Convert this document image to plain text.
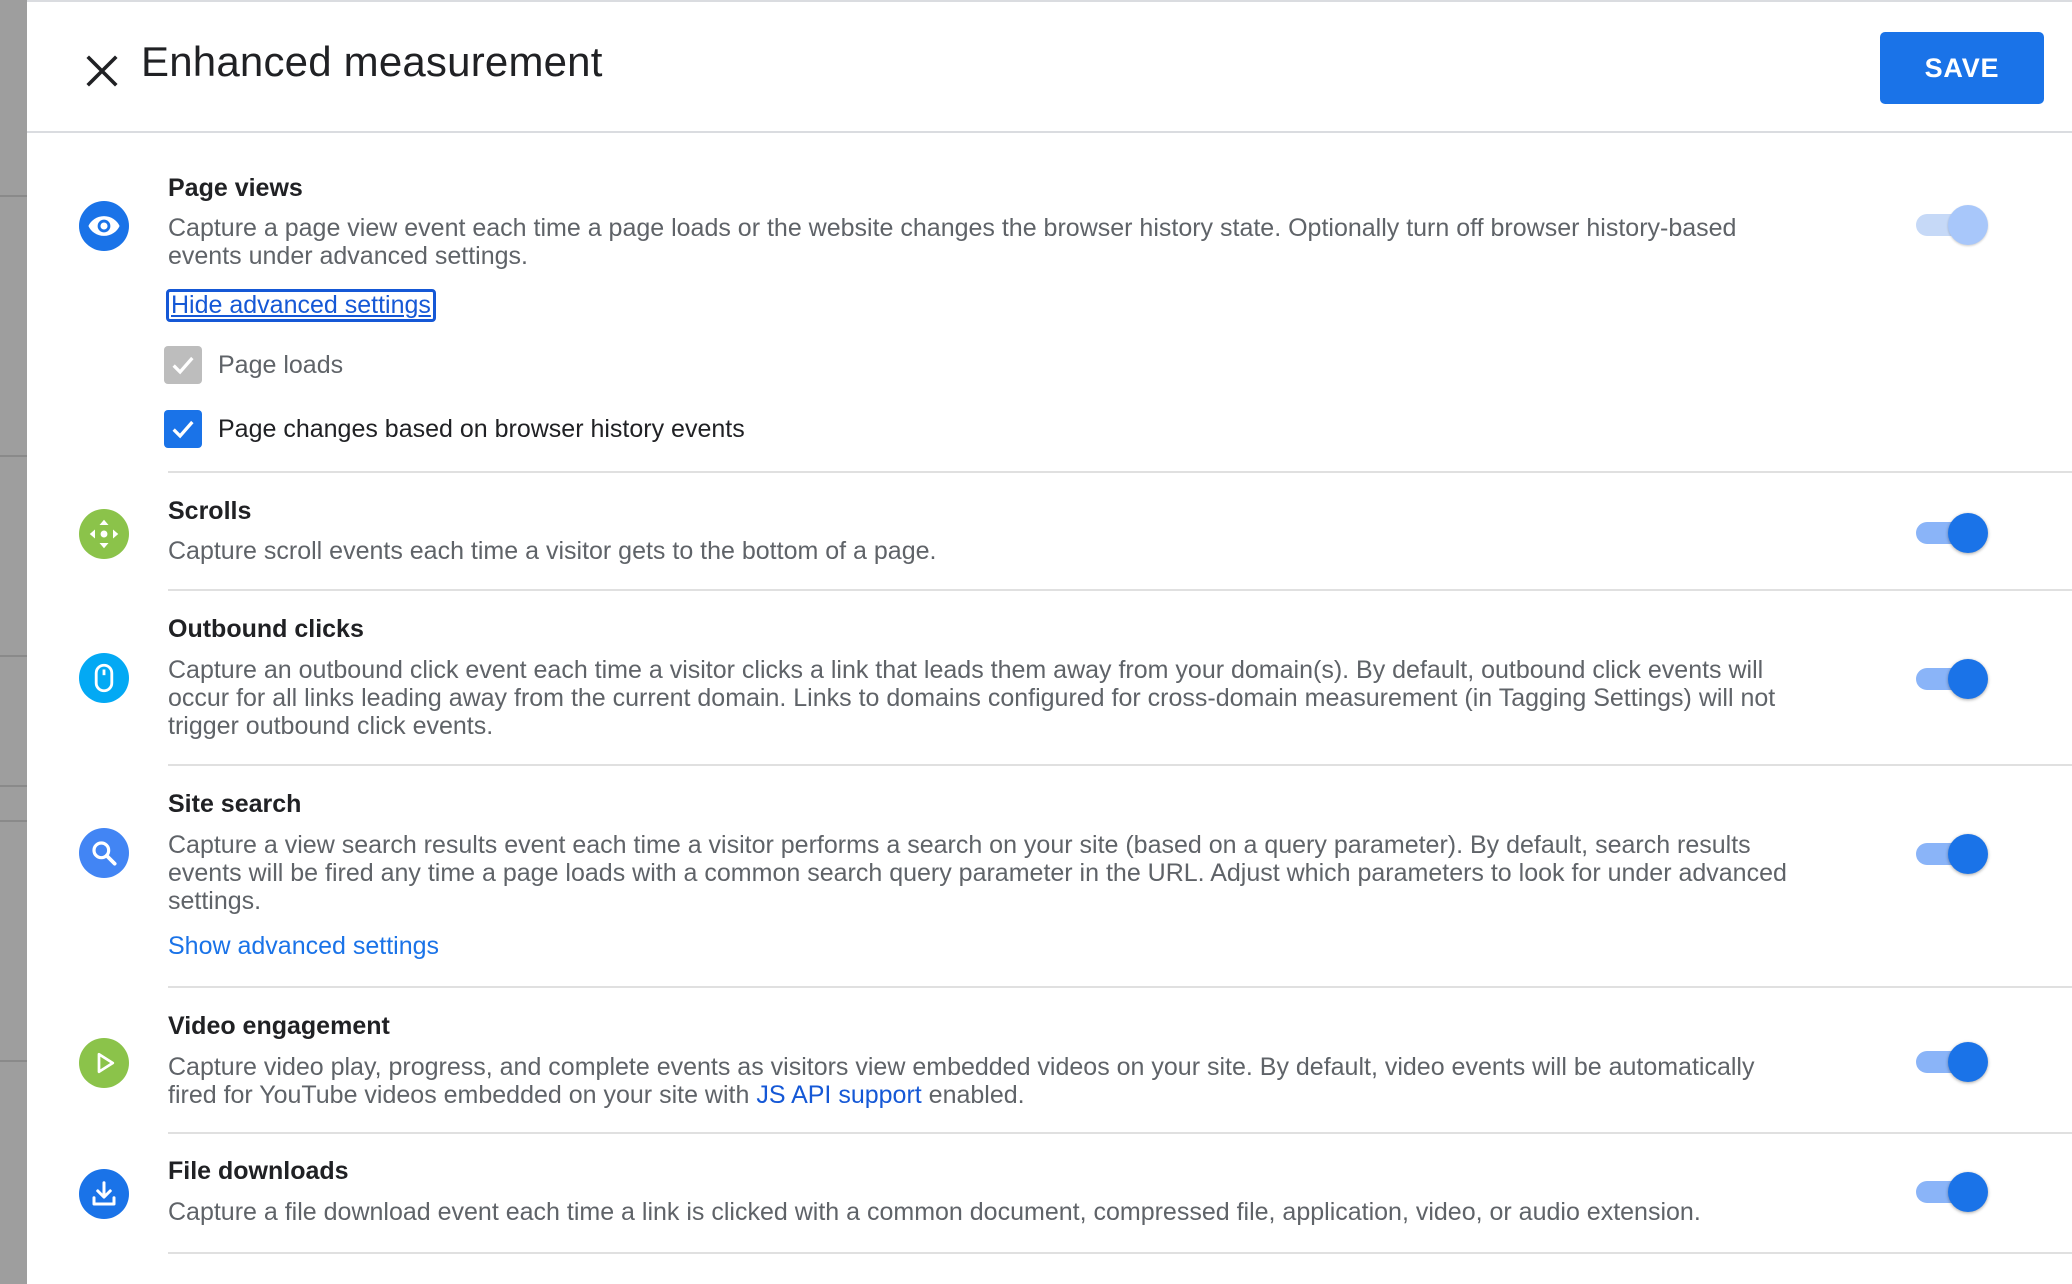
Enhanced measurement	SAVE
Page views
Capture a page view event each time a page loads or the website changes the browser history state. Optionally turn off browser history-based events under advanced settings.
Hide advanced settings
Page loads
Page changes based on browser history events
Scrolls
Capture scroll events each time a visitor gets to the bottom of a page.
Outbound clicks
Capture an outbound click event each time a visitor clicks a link that leads them away from your domain(s). By default, outbound click events will occur for all links leading away from the current domain. Links to domains configured for cross-domain measurement (in Tagging Settings) will not trigger outbound click events.
Site search
Capture a view search results event each time a visitor performs a search on your site (based on a query parameter). By default, search results events will be fired any time a page loads with a common search query parameter in the URL. Adjust which parameters to look for under advanced settings.
Show advanced settings
Video engagement
Capture video play, progress, and complete events as visitors view embedded videos on your site. By default, video events will be automatically fired for YouTube videos embedded on your site with JS API support enabled.
File downloads
Capture a file download event each time a link is clicked with a common document, compressed file, application, video, or audio extension.
